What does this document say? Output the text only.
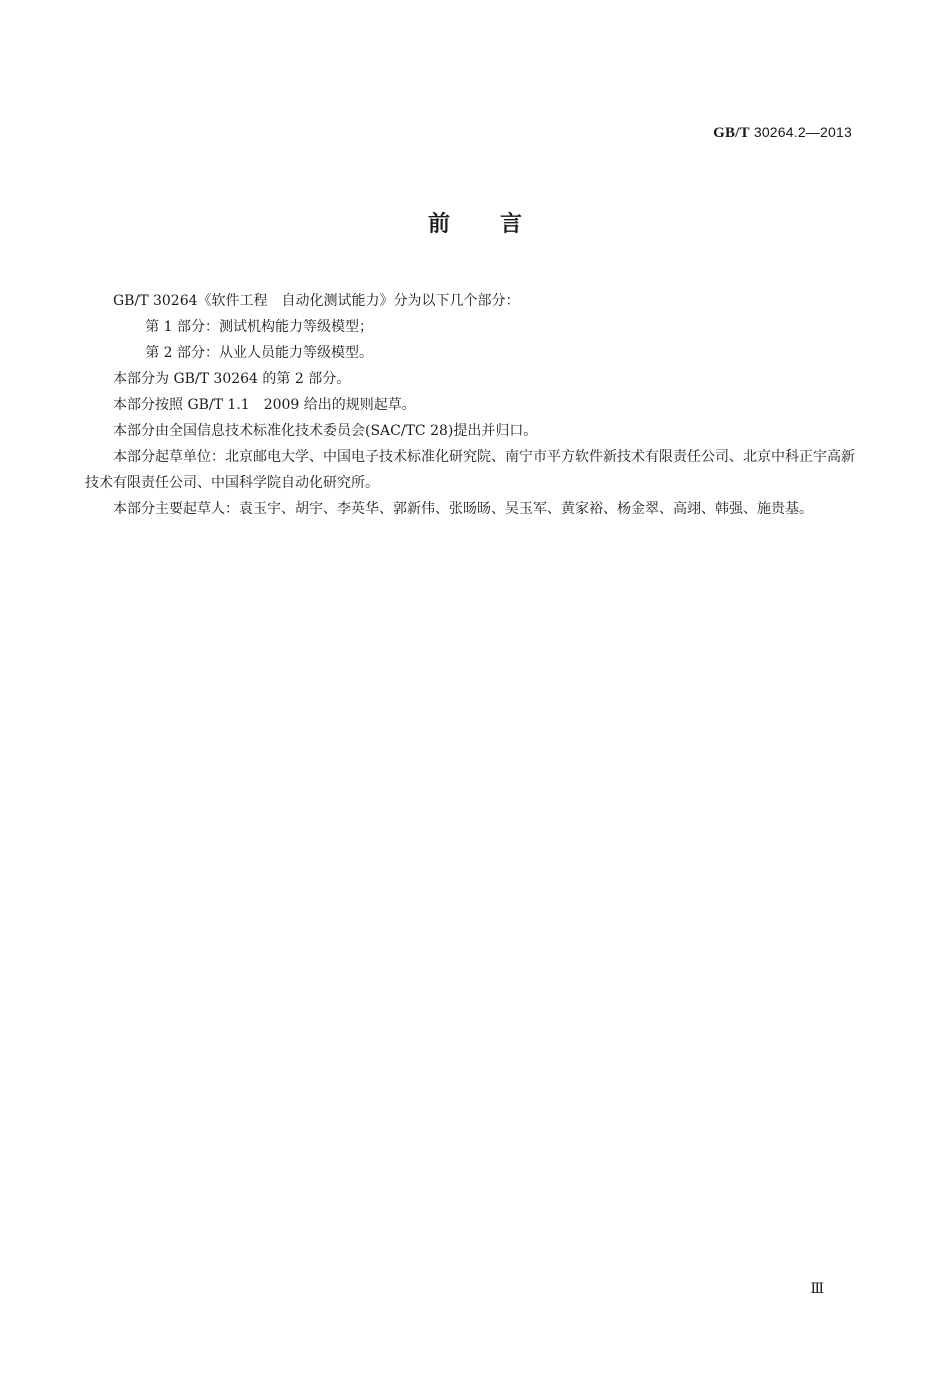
GB/T 30264.2—2013
前 言

GB/T 30264《软件工程　自动化测试能力》分为以下几个部分：

第 1 部分：测试机构能力等级模型；

第 2 部分：从业人员能力等级模型。

本部分为 GB/T 30264 的第 2 部分。

本部分按照 GB/T 1.1　2009 给出的规则起草。

本部分由全国信息技术标准化技术委员会(SAC/TC 28)提出并归口。

本部分起草单位：北京邮电大学、中国电子技术标准化研究院、南宁市平方软件新技术有限责任公司、北京中科正宇高新技术有限责任公司、中国科学院自动化研究所。

本部分主要起草人：袁玉宇、胡宇、李英华、郭新伟、张旸旸、吴玉军、黄家裕、杨金翠、高翊、韩强、施贵基。

Ⅲ
